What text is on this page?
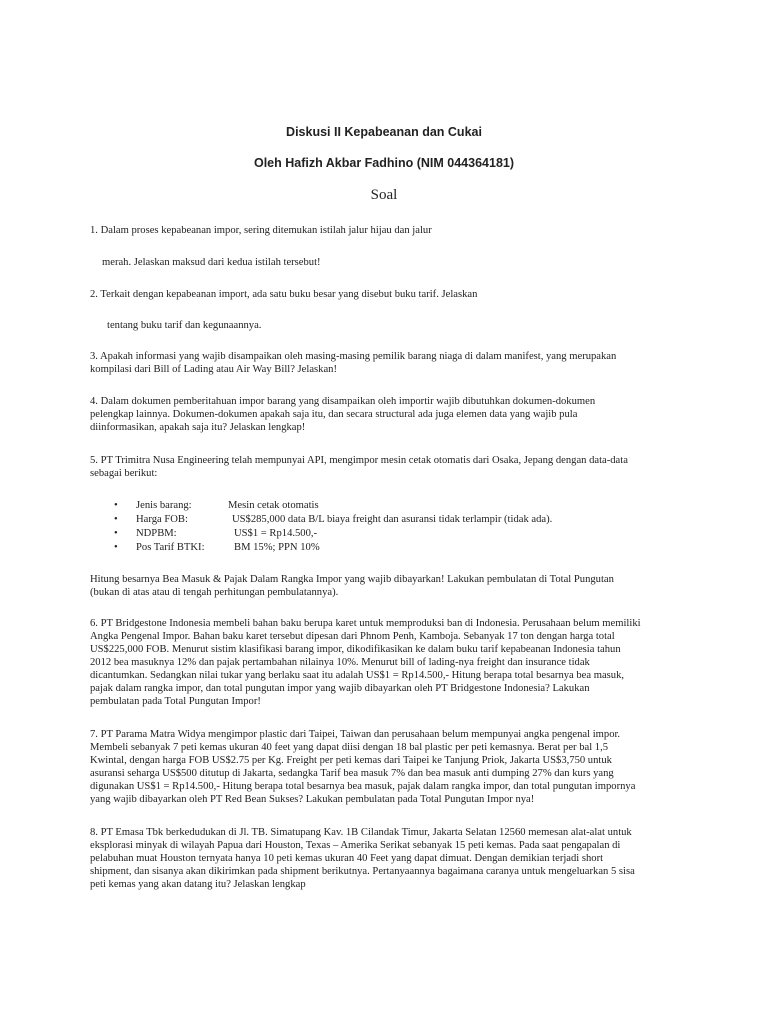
Diskusi II Kepabeanan dan Cukai
Oleh Hafizh Akbar Fadhino (NIM 044364181)
Soal
1. Dalam proses kepabeanan impor, sering ditemukan istilah jalur hijau dan jalur
merah. Jelaskan maksud dari kedua istilah tersebut!
2. Terkait dengan kepabeanan import, ada satu buku besar yang disebut buku tarif. Jelaskan
tentang buku tarif dan kegunaannya.
3. Apakah informasi yang wajib disampaikan oleh masing-masing pemilik barang niaga di dalam manifest, yang merupakan
kompilasi dari Bill of Lading atau Air Way Bill? Jelaskan!
4. Dalam dokumen pemberitahuan impor barang yang disampaikan oleh importir wajib dibutuhkan dokumen-dokumen
pelengkap lainnya. Dokumen-dokumen apakah saja itu, dan secara structural ada juga elemen data yang wajib pula
diinformasikan, apakah saja itu? Jelaskan lengkap!
5. PT Trimitra Nusa Engineering telah mempunyai API, mengimpor mesin cetak otomatis dari Osaka, Jepang dengan data-data
sebagai berikut:
• Jenis barang:	Mesin cetak otomatis
• Harga FOB:	US$285,000 data B/L biaya freight dan asuransi tidak terlampir (tidak ada).
• NDPBM:	US$1 = Rp14.500,-
• Pos Tarif BTKI:	BM 15%; PPN 10%
Hitung besarnya Bea Masuk & Pajak Dalam Rangka Impor yang wajib dibayarkan! Lakukan pembulatan di Total Pungutan
(bukan di atas atau di tengah perhitungan pembulatannya).
6. PT Bridgestone Indonesia membeli bahan baku berupa karet untuk memproduksi ban di Indonesia. Perusahaan belum memiliki
Angka Pengenal Impor. Bahan baku karet tersebut dipesan dari Phnom Penh, Kamboja. Sebanyak 17 ton dengan harga total
US$225,000 FOB. Menurut sistim klasifikasi barang impor, dikodifikasikan ke dalam buku tarif kepabeanan Indonesia tahun
2012 bea masuknya 12% dan pajak pertambahan nilainya 10%. Menurut bill of lading-nya freight dan insurance tidak
dicantumkan. Sedangkan nilai tukar yang berlaku saat itu adalah US$1 = Rp14.500,- Hitung berapa total besarnya bea masuk,
pajak dalam rangka impor, dan total pungutan impor yang wajib dibayarkan oleh PT Bridgestone Indonesia? Lakukan
pembulatan pada Total Pungutan Impor!
7. PT Parama Matra Widya mengimpor plastic dari Taipei, Taiwan dan perusahaan belum mempunyai angka pengenal impor.
Membeli sebanyak 7 peti kemas ukuran 40 feet yang dapat diisi dengan 18 bal plastic per peti kemasnya. Berat per bal 1,5
Kwintal, dengan harga FOB US$2.75 per Kg. Freight per peti kemas dari Taipei ke Tanjung Priok, Jakarta US$3,750 untuk
asuransi seharga US$500 ditutup di Jakarta, sedangka Tarif bea masuk 7% dan bea masuk anti dumping 27% dan kurs yang
digunakan US$1 = Rp14.500,- Hitung berapa total besarnya bea masuk, pajak dalam rangka impor, dan total pungutan impornya
yang wajib dibayarkan oleh PT Red Bean Sukses? Lakukan pembulatan pada Total Pungutan Impor nya!
8. PT Emasa Tbk berkedudukan di Jl. TB. Simatupang Kav. 1B Cilandak Timur, Jakarta Selatan 12560 memesan alat-alat untuk
eksplorasi minyak di wilayah Papua dari Houston, Texas – Amerika Serikat sebanyak 15 peti kemas. Pada saat pengapalan di
pelabuhan muat Houston ternyata hanya 10 peti kemas ukuran 40 Feet yang dapat dimuat. Dengan demikian terjadi short
shipment, dan sisanya akan dikirimkan pada shipment berikutnya. Pertanyaannya bagaimana caranya untuk mengeluarkan 5 sisa
peti kemas yang akan datang itu? Jelaskan lengkap
